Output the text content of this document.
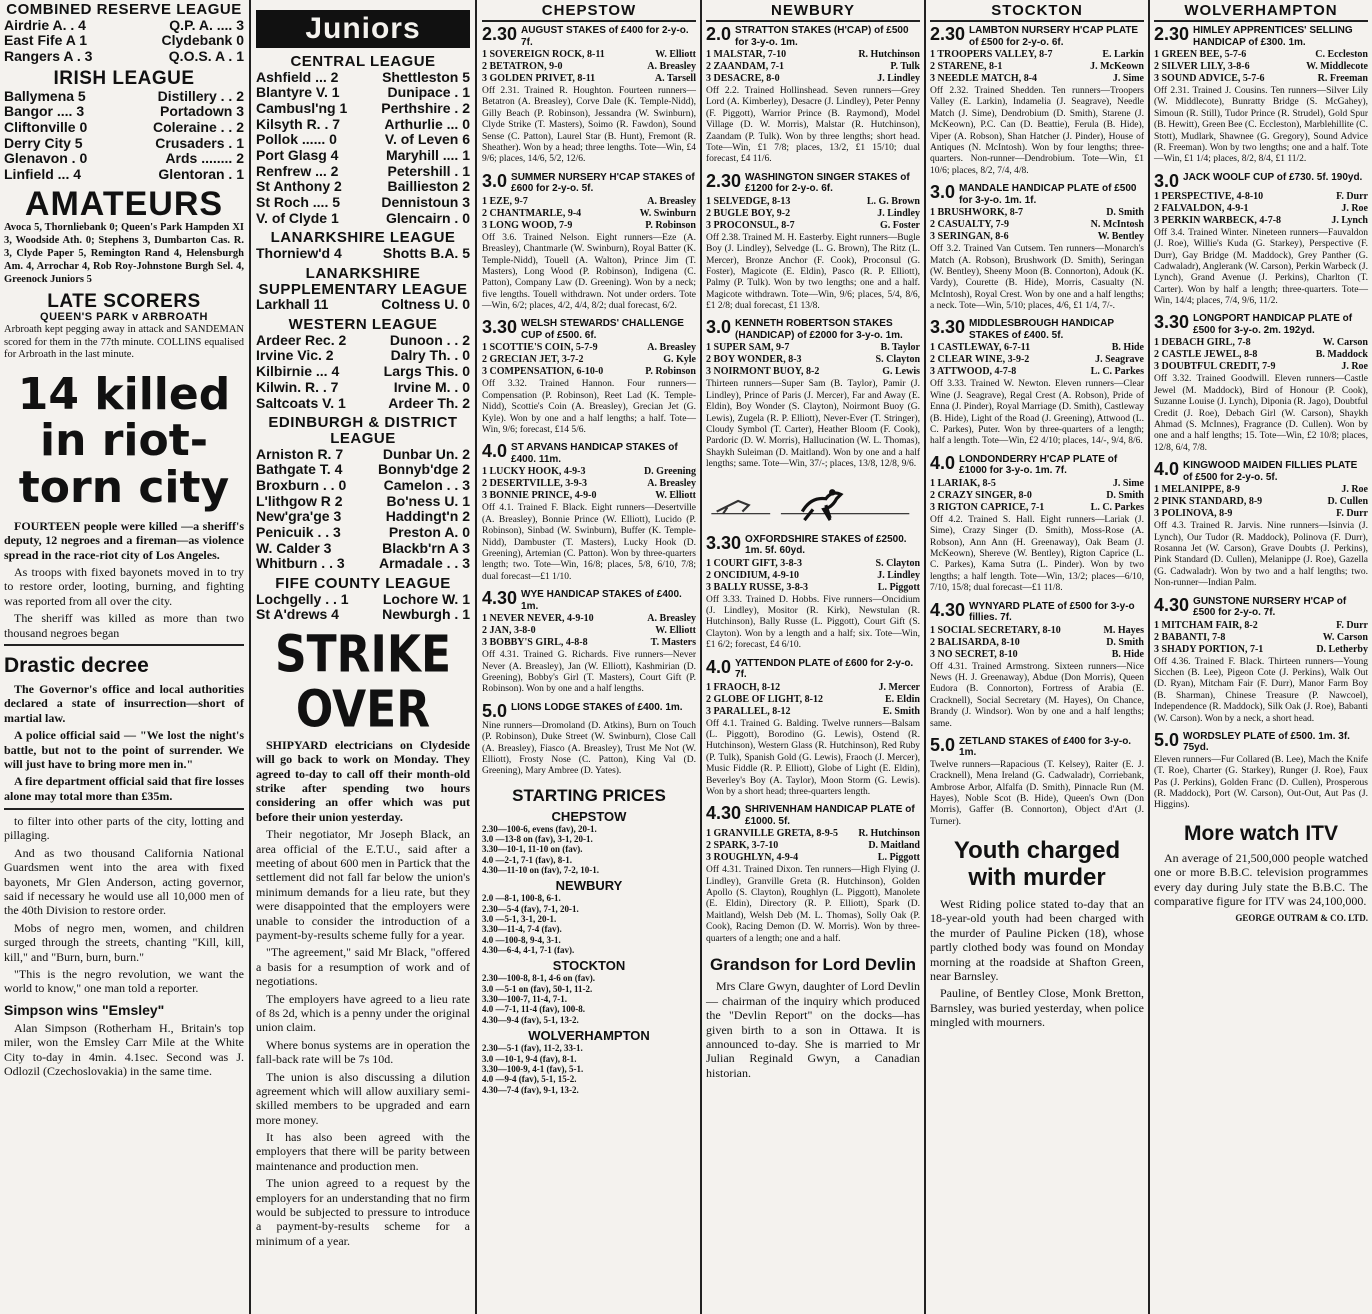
COMBINED RESERVE LEAGUE
Airdrie A. . 4	Q.P. A. .... 3
East Fife A 1	Clydebank 0
Rangers A . 3	Q.O.S. A . 1
IRISH LEAGUE
Ballymena 5	Distillery . . 2
Bangor .... 3	Portadown 3
Cliftonville 0	Coleraine . . 2
Derry City 5	Crusaders . 1
Glenavon . 0	Ards ........ 2
Linfield ... 4	Glentoran . 1
AMATEURS
Avoca 5, Thornliebank 0; Queen's Park Hampden XI 3, Woodside Ath. 0; Stephens 3, Dumbarton Cas. R. 3, Clyde Paper 5, Remington Rand 4, Helensburgh Am. 4, Arrochar 4, Rob Roy-Johnstone Burgh Sel. 4, Greenock Juniors 5
LATE SCORERS
QUEEN'S PARK v ARBROATH
Arbroath kept pegging away in attack and SANDEMAN scored for them in the 77th minute. COLLINS equalised for Arbroath in the last minute.
14 killed in riot-torn city

FOURTEEN people were killed —a sheriff's deputy, 12 negroes and a fireman—as violence spread in the race-riot city of Los Angeles.

As troops with fixed bayonets moved in to try to restore order, looting, burning, and fighting was reported from all over the city.

The sheriff was killed as more than two thousand negroes began

Drastic decree

The Governor's office and local authorities declared a state of insurrection—short of martial law.

A police official said — "We lost the night's battle, but not to the point of surrender. We will just have to bring more men in."

A fire department official said that fire losses alone may total more than £35m.

to filter into other parts of the city, lotting and pillaging.

And as two thousand California National Guardsmen went into the area with fixed bayonets, Mr Glen Anderson, acting governor, said if necessary he would use all 10,000 men of the 40th Division to restore order.

Mobs of negro men, women, and children surged through the streets, chanting "Kill, kill, kill," and "Burn, burn, burn."

"This is the negro revolution, we want the world to know," one man told a reporter.

Simpson wins "Emsley"

Alan Simpson (Rotherham H., Britain's top miler, won the Emsley Carr Mile at the White City to-day in 4min. 4.1sec. Second was J. Odlozil (Czechoslovakia) in the same time.

Juniors
CENTRAL LEAGUE
Ashfield ... 2	Shettleston 5
Blantyre V. 1	Dunipace . 1
Cambusl'ng 1 Perthshire . 2
Kilsyth R. . 7	Arthurlie ... 0
Pollok ...... 0	V. of Leven 6
Port Glasg 4	Maryhill .... 1
Renfrew ... 2	Petershill . 1
St Anthony 2	Baillieston 2
St Roch .... 5	Dennistoun 3
V. of Clyde 1	Glencairn . 0
LANARKSHIRE LEAGUE
Thorniew'd 4	Shotts B.A. 5
LANARKSHIRE SUPPLEMENTARY LEAGUE
Larkhall 11	Coltness U. 0
WESTERN LEAGUE
Ardeer Rec. 2	Dunoon . . 2
Irvine Vic. 2	Dalry Th. . 0
Kilbirnie ... 4	Largs This. 0
Kilwin. R. . 7	Irvine M. . 0
Saltcoats V. 1	Ardeer Th. 2
EDINBURGH & DISTRICT LEAGUE
Arniston R. 7	Dunbar Un. 2
Bathgate T. 4	Bonnyb'dge 2
Broxburn . . 0	Camelon . . 3
L'lithgow R 2	Bo'ness U. 1
New'gra'ge 3	Haddingt'n 2
Penicuik . . 3	Preston A. 0
W. Calder 3	Blackb'rn A 3
Whitburn . . 3 Armadale . . 3
FIFE COUNTY LEAGUE
Lochgelly . . 1 Lochore W. 1
St A'drews 4	Newburgh . 1
STRIKE OVER

SHIPYARD electricians on Clydeside will go back to work on Monday. They agreed to-day to call off their month-old strike after spending two hours considering an offer which was put before their union yesterday.

Their negotiator, Mr Joseph Black, an area official of the E.T.U., said after a meeting of about 600 men in Partick that the settlement did not fall far below the union's minimum demands for a lieu rate, but they were disappointed that the employers were unable to consider the introduction of a payment-by-results scheme fully for a year.

"The agreement," said Mr Black, "offered a basis for a resumption of work and of negotiations.

The employers have agreed to a lieu rate of 8s 2d, which is a penny under the original union claim.

Where bonus systems are in operation the fall-back rate will be 7s 10d.

The union is also discussing a dilution agreement which will allow auxiliary semi-skilled members to be upgraded and earn more money.

It has also been agreed with the employers that there will be parity between maintenance and production men.

The union agreed to a request by the employers for an understanding that no firm would be subjected to pressure to introduce a payment-by-results scheme for a minimum of a year.

CHEPSTOW
2.30 AUGUST STAKES of £400 for 2-y-o. 7f.
1 SOVEREIGN ROCK, 8-11	W. Elliott
2 BETATRON, 9-0	A. Breasley
3 GOLDEN PRIVET, 8-11	A. Tarsell
Off 2.31. Trained R. Houghton. Fourteen runners—Betatron (A. Breasley), Corve Dale (K. Temple-Nidd), Gilly Beach (P. Robinson), Jessandra (W. Swinburn), Clyde Strike (T. Masters), Soimo (R. Fawdon), Sound Sense (C. Patton), Laurel Star (B. Hunt), Fremont (R. Sheather). Won by a head; three lengths. Tote—Win, £4 9/6; places, 14/6, 5/2, 12/6.
3.0 SUMMER NURSERY H'CAP STAKES of £600 for 2-y-o. 5f.
1 EZE, 9-7	A. Breasley
2 CHANTMARLE, 9-4	W. Swinburn
3 LONG WOOD, 7-9	P. Robinson
Off 3.6. Trained Nelson. Eight runners—Eze (A. Breasley), Chantmarle (W. Swinburn), Royal Batter (K. Temple-Nidd), Touell (A. Walton), Prince Jim (T. Masters), Long Wood (P. Robinson), Indigena (C. Patton), Company Law (D. Greening). Won by a neck; five lengths. Touell withdrawn. Not under orders. Tote—Win, 6/2; places, 4/2, 4/4, 8/2; dual forecast, 6/2.
3.30 WELSH STEWARDS' CHALLENGE CUP of £500. 6f.
1 SCOTTIE'S COIN, 5-7-9	A. Breasley
2 GRECIAN JET, 3-7-2	G. Kyle
3 COMPENSATION, 6-10-0	P. Robinson
Off 3.32. Trained Hannon. Four runners—Compensation (P. Robinson), Reet Lad (K. Temple-Nidd), Scottie's Coin (A. Breasley), Grecian Jet (G. Kyle). Won by one and a half lengths; a half. Tote—Win, 9/6; forecast, £14 5/6.
4.0 ST ARVANS HANDICAP STAKES of £400. 11m.
1 LUCKY HOOK, 4-9-3	D. Greening
2 DESERTVILLE, 3-9-3	A. Breasley
3 BONNIE PRINCE, 4-9-0	W. Elliott
Off 4.1. Trained F. Black. Eight runners—Desertville (A. Breasley), Bonnie Prince (W. Elliott), Lucido (P. Robinson), Sinbad (W. Swinburn), Buffer (K. Temple-Nidd), Dambuster (T. Masters), Lucky Hook (D. Greening), Artemian (C. Patton). Won by three-quarters length; two. Tote—Win, 16/8; places, 5/8, 6/10, 7/8; dual forecast—£1 1/10.
4.30 WYE HANDICAP STAKES of £400. 1m.
1 NEVER NEVER, 4-9-10	A. Breasley
2 JAN, 3-8-0	W. Elliott
3 BOBBY'S GIRL, 4-8-8	T. Masters
Off 4.31. Trained G. Richards. Five runners—Never Never (A. Breasley), Jan (W. Elliott), Kashmirian (D. Greening), Bobby's Girl (T. Masters), Court Gift (P. Robinson). Won by one and a half lengths.
5.0 LIONS LODGE STAKES of £400. 1m.
Nine runners—Dromoland (D. Atkins), Burn on Touch (P. Robinson), Duke Street (W. Swinburn), Close Call (A. Breasley), Fiasco (A. Breasley), Trust Me Not (W. Elliott), Frosty Nose (C. Patton), King Val (D. Greening), Mary Ambree (D. Yates).
STARTING PRICES
CHEPSTOW
2.30—100-6, evens (fav), 20-1.
3.0 —13-8 on (fav), 3-1, 20-1.
3.30—10-1, 11-10 on (fav).
4.0 —2-1, 7-1 (fav), 8-1.
4.30—11-10 on (fav), 7-2, 10-1.
NEWBURY
2.0 —8-1, 100-8, 6-1.
2.30—5-4 (fav), 7-1, 20-1.
3.0 —5-1, 3-1, 20-1.
3.30—11-4, 7-4 (fav).
4.0 —100-8, 9-4, 3-1.
4.30—6-4, 4-1, 7-1 (fav).
STOCKTON
2.30—100-8, 8-1, 4-6 on (fav).
3.0 —5-1 on (fav), 50-1, 11-2.
3.30—100-7, 11-4, 7-1.
4.0 —7-1, 11-4 (fav), 100-8.
4.30—9-4 (fav), 5-1, 13-2.
WOLVERHAMPTON
2.30—5-1 (fav), 11-2, 33-1.
3.0 —10-1, 9-4 (fav), 8-1.
3.30—100-9, 4-1 (fav), 5-1.
4.0 —9-4 (fav), 5-1, 15-2.
4.30—7-4 (fav), 9-1, 13-2.
NEWBURY
2.0 STRATTON STAKES (H'CAP) of £500 for 3-y-o. 1m.
1 MALSTAR, 7-10	R. Hutchinson
2 ZAANDAM, 7-1	P. Tulk
3 DESACRE, 8-0	J. Lindley
Off 2.2. Trained Hollinshead. Seven runners—Grey Lord (A. Kimberley), Desacre (J. Lindley), Peter Penny (F. Piggott), Warrior Prince (B. Raymond), Model Village (D. W. Morris), Malstar (R. Hutchinson), Zaandam (P. Tulk). Won by three lengths; short head. Tote—Win, £1 7/8; places, 13/2, £1 15/10; dual forecast, £4 11/6.
2.30 WASHINGTON SINGER STAKES of £1200 for 2-y-o. 6f.
1 SELVEDGE, 8-13	L. G. Brown
2 BUGLE BOY, 9-2	J. Lindley
3 PROCONSUL, 8-7	G. Foster
Off 2.38. Trained M. H. Easterby. Eight runners—Bugle Boy (J. Lindley), Selvedge (L. G. Brown), The Ritz (L. Mercer), Bronze Anchor (F. Cook), Proconsul (G. Foster), Magicote (E. Eldin), Pasco (R. P. Elliott), Palmy (P. Tulk). Won by two lengths; one and a half. Magicote withdrawn. Tote—Win, 9/6; places, 5/4, 8/6, £1 2/8; dual forecast, £1 13/8.
3.0 KENNETH ROBERTSON STAKES (HANDICAP) of £2000 for 3-y-o. 1m.
1 SUPER SAM, 9-7	B. Taylor
2 BOY WONDER, 8-3	S. Clayton
3 NOIRMONT BUOY, 8-2	G. Lewis
Thirteen runners—Super Sam (B. Taylor), Pamir (J. Lindley), Prince of Paris (J. Mercer), Far and Away (E. Eldin), Boy Wonder (S. Clayton), Noirmont Buoy (G. Lewis), Zugela (R. P. Elliott), Never-Ever (T. Stringer), Cloudy Symbol (T. Carter), Heather Bloom (F. Cook), Pardoric (D. W. Morris), Hallucination (W. L. Thomas), Shaykh Suleiman (D. Maitland). Won by one and a half lengths; same. Tote—Win, 37/-; places, 13/8, 12/8, 9/6.
3.30 OXFORDSHIRE STAKES of £2500. 1m. 5f. 60yd.
1 COURT GIFT, 3-8-3	S. Clayton
2 ONCIDIUM, 4-9-10	J. Lindley
3 BALLY RUSSE, 3-8-3	L. Piggott
Off 3.33. Trained D. Hobbs. Five runners—Oncidium (J. Lindley), Mositor (R. Kirk), Newstulan (R. Hutchinson), Bally Russe (L. Piggott), Court Gift (S. Clayton). Won by a length and a half; six. Tote—Win, £1 6/2; forecast, £4 6/10.
4.0 YATTENDON PLATE of £600 for 2-y-o. 7f.
1 FRAOCH, 8-12	J. Mercer
2 GLOBE OF LIGHT, 8-12	E. Eldin
3 PARALLEL, 8-12	E. Smith
Off 4.1. Trained G. Balding. Twelve runners—Balsam (L. Piggott), Borodino (G. Lewis), Ostend (R. Hutchinson), Western Glass (R. Hutchinson), Red Ruby (P. Tulk), Spanish Gold (G. Lewis), Fraoch (J. Mercer), Music Fiddle (R. P. Elliott), Globe of Light (E. Eldin), Beverley's Boy (A. Taylor), Moon Storm (G. Lewis). Won by a short head; three-quarters length.
4.30 SHRIVENHAM HANDICAP PLATE of £1000. 5f.
1 GRANVILLE GRETA, 8-9-5 R. Hutchinson
2 SPARK, 3-7-10	D. Maitland
3 ROUGHLYN, 4-9-4	L. Piggott
Off 4.31. Trained Dixon. Ten runners—High Flying (J. Lindley), Granville Greta (R. Hutchinson), Golden Apollo (S. Clayton), Roughlyn (L. Piggott), Manolete (E. Eldin), Directory (R. P. Elliott), Spark (D. Maitland), Welsh Deb (M. L. Thomas), Solly Oak (P. Cook), Racing Demon (D. W. Morris). Won by three-quarters of a length; one and a half.
Grandson for Lord Devlin

Mrs Clare Gwyn, daughter of Lord Devlin — chairman of the inquiry which produced the "Devlin Report" on the docks—has given birth to a son in Ottawa. It is announced to-day. She is married to Mr Julian Reginald Gwyn, a Canadian historian.

STOCKTON
2.30 LAMBTON NURSERY H'CAP PLATE of £500 for 2-y-o. 6f.
1 TROOPERS VALLEY, 8-7	E. Larkin
2 STARENE, 8-1	J. McKeown
3 NEEDLE MATCH, 8-4	J. Sime
Off 2.32. Trained Shedden. Ten runners—Troopers Valley (E. Larkin), Indamelia (J. Seagrave), Needle Match (J. Sime), Dendrobium (D. Smith), Starene (J. McKeown), P.C. Can (D. Beattie), Ferula (B. Hide), Viper (A. Robson), Shan Hatcher (J. Pinder), House of Antiques (N. McIntosh). Won by four lengths; three-quarters. Non-runner—Dendrobium. Tote—Win, £1 10/6; places, 8/2, 7/4, 4/8.
3.0 MANDALE HANDICAP PLATE of £500 for 3-y-o. 1m. 1f.
1 BRUSHWORK, 8-7	D. Smith
2 CASUALTY, 7-9	N. McIntosh
3 SERINGAN, 8-6	W. Bentley
Off 3.2. Trained Van Cutsem. Ten runners—Monarch's Match (A. Robson), Brushwork (D. Smith), Seringan (W. Bentley), Sheeny Moon (B. Connorton), Adouk (K. Vardy), Courette (B. Hide), Morris, Casualty (N. McIntosh), Royal Crest. Won by one and a half lengths; a neck. Tote—Win, 5/10; places, 4/6, £1 1/4, 7/-.
3.30 MIDDLESBROUGH HANDICAP STAKES of £400. 5f.
1 CASTLEWAY, 6-7-11	B. Hide
2 CLEAR WINE, 3-9-2	J. Seagrave
3 ATTWOOD, 4-7-8	L. C. Parkes
Off 3.33. Trained W. Newton. Eleven runners—Clear Wine (J. Seagrave), Regal Crest (A. Robson), Pride of Enna (J. Pinder), Royal Marriage (D. Smith), Castleway (B. Hide), Light of the Road (J. Greening), Attwood (L. C. Parkes), Puter. Won by three-quarters of a length; half a length. Tote—Win, £2 4/10; places, 14/-, 9/4, 8/6.
4.0 LONDONDERRY H'CAP PLATE of £1000 for 3-y-o. 1m. 7f.
1 LARIAK, 8-5	J. Sime
2 CRAZY SINGER, 8-0	D. Smith
3 RIGTON CAPRICE, 7-1	L. C. Parkes
Off 4.2. Trained S. Hall. Eight runners—Lariak (J. Sime), Crazy Singer (D. Smith), Moss-Rose (A. Robson), Ann Ann (H. Greenaway), Oak Beam (J. McKeown), Shereve (W. Bentley), Rigton Caprice (L. C. Parkes), Kama Sutra (L. Pinder). Won by two lengths; a half length. Tote—Win, 13/2; places—6/10, 7/10, 15/8; dual forecast—£1 11/8.
4.30 WYNYARD PLATE of £500 for 3-y-o fillies. 7f.
1 SOCIAL SECRETARY, 8-10	M. Hayes
2 BALISARDA, 8-10	D. Smith
3 NO SECRET, 8-10	B. Hide
Off 4.31. Trained Armstrong. Sixteen runners—Nice News (H. J. Greenaway), Abdue (Don Morris), Queen Eudora (B. Connorton), Fortress of Arabia (E. Cracknell), Social Secretary (M. Hayes), On Chance, Brandy (J. Windsor). Won by one and a half lengths; same.
5.0 ZETLAND STAKES of £400 for 3-y-o. 1m.
Twelve runners—Rapacious (T. Kelsey), Raiter (E. J. Cracknell), Mena Ireland (G. Cadwaladr), Corriebank, Ambrose Arbor, Alfalfa (D. Smith), Pinnacle Run (M. Hayes), Noble Scot (B. Hide), Queen's Own (Don Morris), Gaffer (B. Connorton), Object d'Art (J. Turner).
Youth charged with murder

West Riding police stated to-day that an 18-year-old youth had been charged with the murder of Pauline Picken (18), whose partly clothed body was found on Monday morning at the roadside at Shafton Green, near Barnsley.

Pauline, of Bentley Close, Monk Bretton, Barnsley, was buried yesterday, when police mingled with mourners.

WOLVERHAMPTON
2.30 HIMLEY APPRENTICES' SELLING HANDICAP of £300. 1m.
1 GREEN BEE, 5-7-6	C. Eccleston
2 SILVER LILY, 3-8-6	W. Middlecote
3 SOUND ADVICE, 5-7-6	R. Freeman
Off 2.31. Trained J. Cousins. Ten runners—Silver Lily (W. Middlecote), Bunratty Bridge (S. McGahey), Simoun (R. Still), Tudor Prince (R. Strudel), Gold Spur (B. Hewitt), Green Bee (C. Eccleston), Marblehillite (C. Stott), Mudlark, Shawnee (G. Gregory), Sound Advice (R. Freeman). Won by two lengths; one and a half. Tote—Win, £1 1/4; places, 8/2, 8/4, £1 11/2.
3.0 JACK WOOLF CUP of £730. 5f. 190yd.
1 PERSPECTIVE, 4-8-10	F. Durr
2 FALVALDON, 4-9-1	J. Roe
3 PERKIN WARBECK, 4-7-8	J. Lynch
Off 3.4. Trained Winter. Nineteen runners—Fauvaldon (J. Roe), Willie's Kuda (G. Starkey), Perspective (F. Durr), Gay Bridge (M. Maddock), Grey Panther (G. Cadwaladr), Anglerank (W. Carson), Perkin Warbeck (J. Lynch), Grand Avenue (J. Perkins), Charlton (T. Carter). Won by half a length; three-quarters. Tote—Win, 14/4; places, 7/4, 9/6, 11/2.
3.30 LONGPORT HANDICAP PLATE of £500 for 3-y-o. 2m. 192yd.
1 DEBACH GIRL, 7-8	W. Carson
2 CASTLE JEWEL, 8-8	B. Maddock
3 DOUBTFUL CREDIT, 7-9	J. Roe
Off 3.32. Trained Goodwill. Eleven runners—Castle Jewel (M. Maddock), Bird of Honour (P. Cook), Suzanne Louise (J. Lynch), Diponia (R. Jago), Doubtful Credit (J. Roe), Debach Girl (W. Carson), Shaykh Ahmad (S. McInnes), Fragrance (D. Cullen). Won by one and a half lengths; 15. Tote—Win, £2 10/8; places, 12/8, 6/4, 7/8.
4.0 KINGWOOD MAIDEN FILLIES PLATE of £500 for 2-y-o. 5f.
1 MELANIPPE, 8-9	J. Roe
2 PINK STANDARD, 8-9	D. Cullen
3 POLINOVA, 8-9	F. Durr
Off 4.3. Trained R. Jarvis. Nine runners—Isinvia (J. Lynch), Our Tudor (R. Maddock), Polinova (F. Durr), Rosanna Jet (W. Carson), Grave Doubts (J. Perkins), Pink Standard (D. Cullen), Melanippe (J. Roe), Gazella (G. Cadwaladr). Won by two and a half lengths; two. Non-runner—Indian Palm.
4.30 GUNSTONE NURSERY H'CAP of £500 for 2-y-o. 7f.
1 MITCHAM FAIR, 8-2	F. Durr
2 BABANTI, 7-8	W. Carson
3 SHADY PORTION, 7-1	D. Letherby
Off 4.36. Trained F. Black. Thirteen runners—Young Sicchen (B. Lee), Pigeon Cote (J. Perkins), Walk Out (D. Ryan), Mitcham Fair (F. Durr), Manor Farm Boy (B. Sharman), Chinese Treasure (P. Nawcoel), Independence (R. Maddock), Silk Oak (J. Roe), Babanti (W. Carson). Won by a neck, a short head.
5.0 WORDSLEY PLATE of £500. 1m. 3f. 75yd.
Eleven runners—Fur Collared (B. Lee), Mach the Knife (T. Roe), Charter (G. Starkey), Runger (J. Roe), Faux Pas (J. Perkins), Golden Franc (D. Cullen), Prosperous (R. Maddock), Port (W. Carson), Out-Out, Aut Pas (J. Higgins).
More watch ITV

An average of 21,500,000 people watched one or more B.B.C. television programmes every day during July state the B.B.C. The comparative figure for ITV was 24,100,000.

GEORGE OUTRAM & CO. LTD.
